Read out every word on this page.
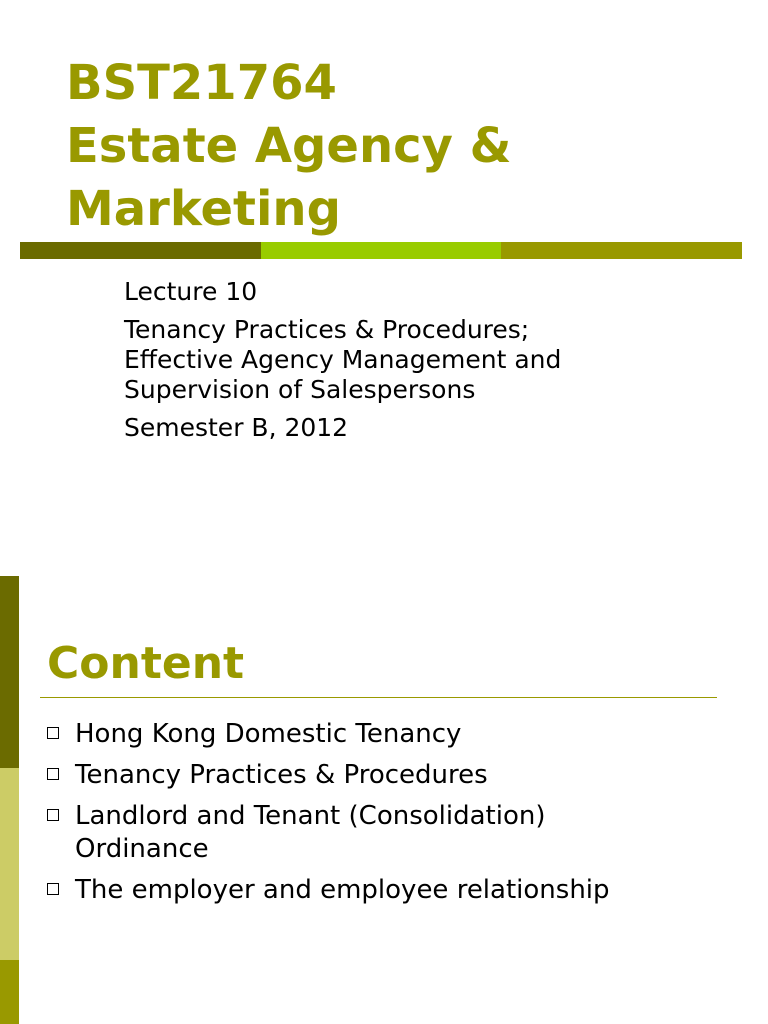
BST21764
Estate Agency &
Marketing

Lecture 10

Tenancy Practices & Procedures;
Effective Agency Management and
Supervision of Salespersons

Semester B, 2012

Content
Hong Kong Domestic Tenancy
Tenancy Practices & Procedures
Landlord and Tenant (Consolidation)
Ordinance
The employer and employee relationship
